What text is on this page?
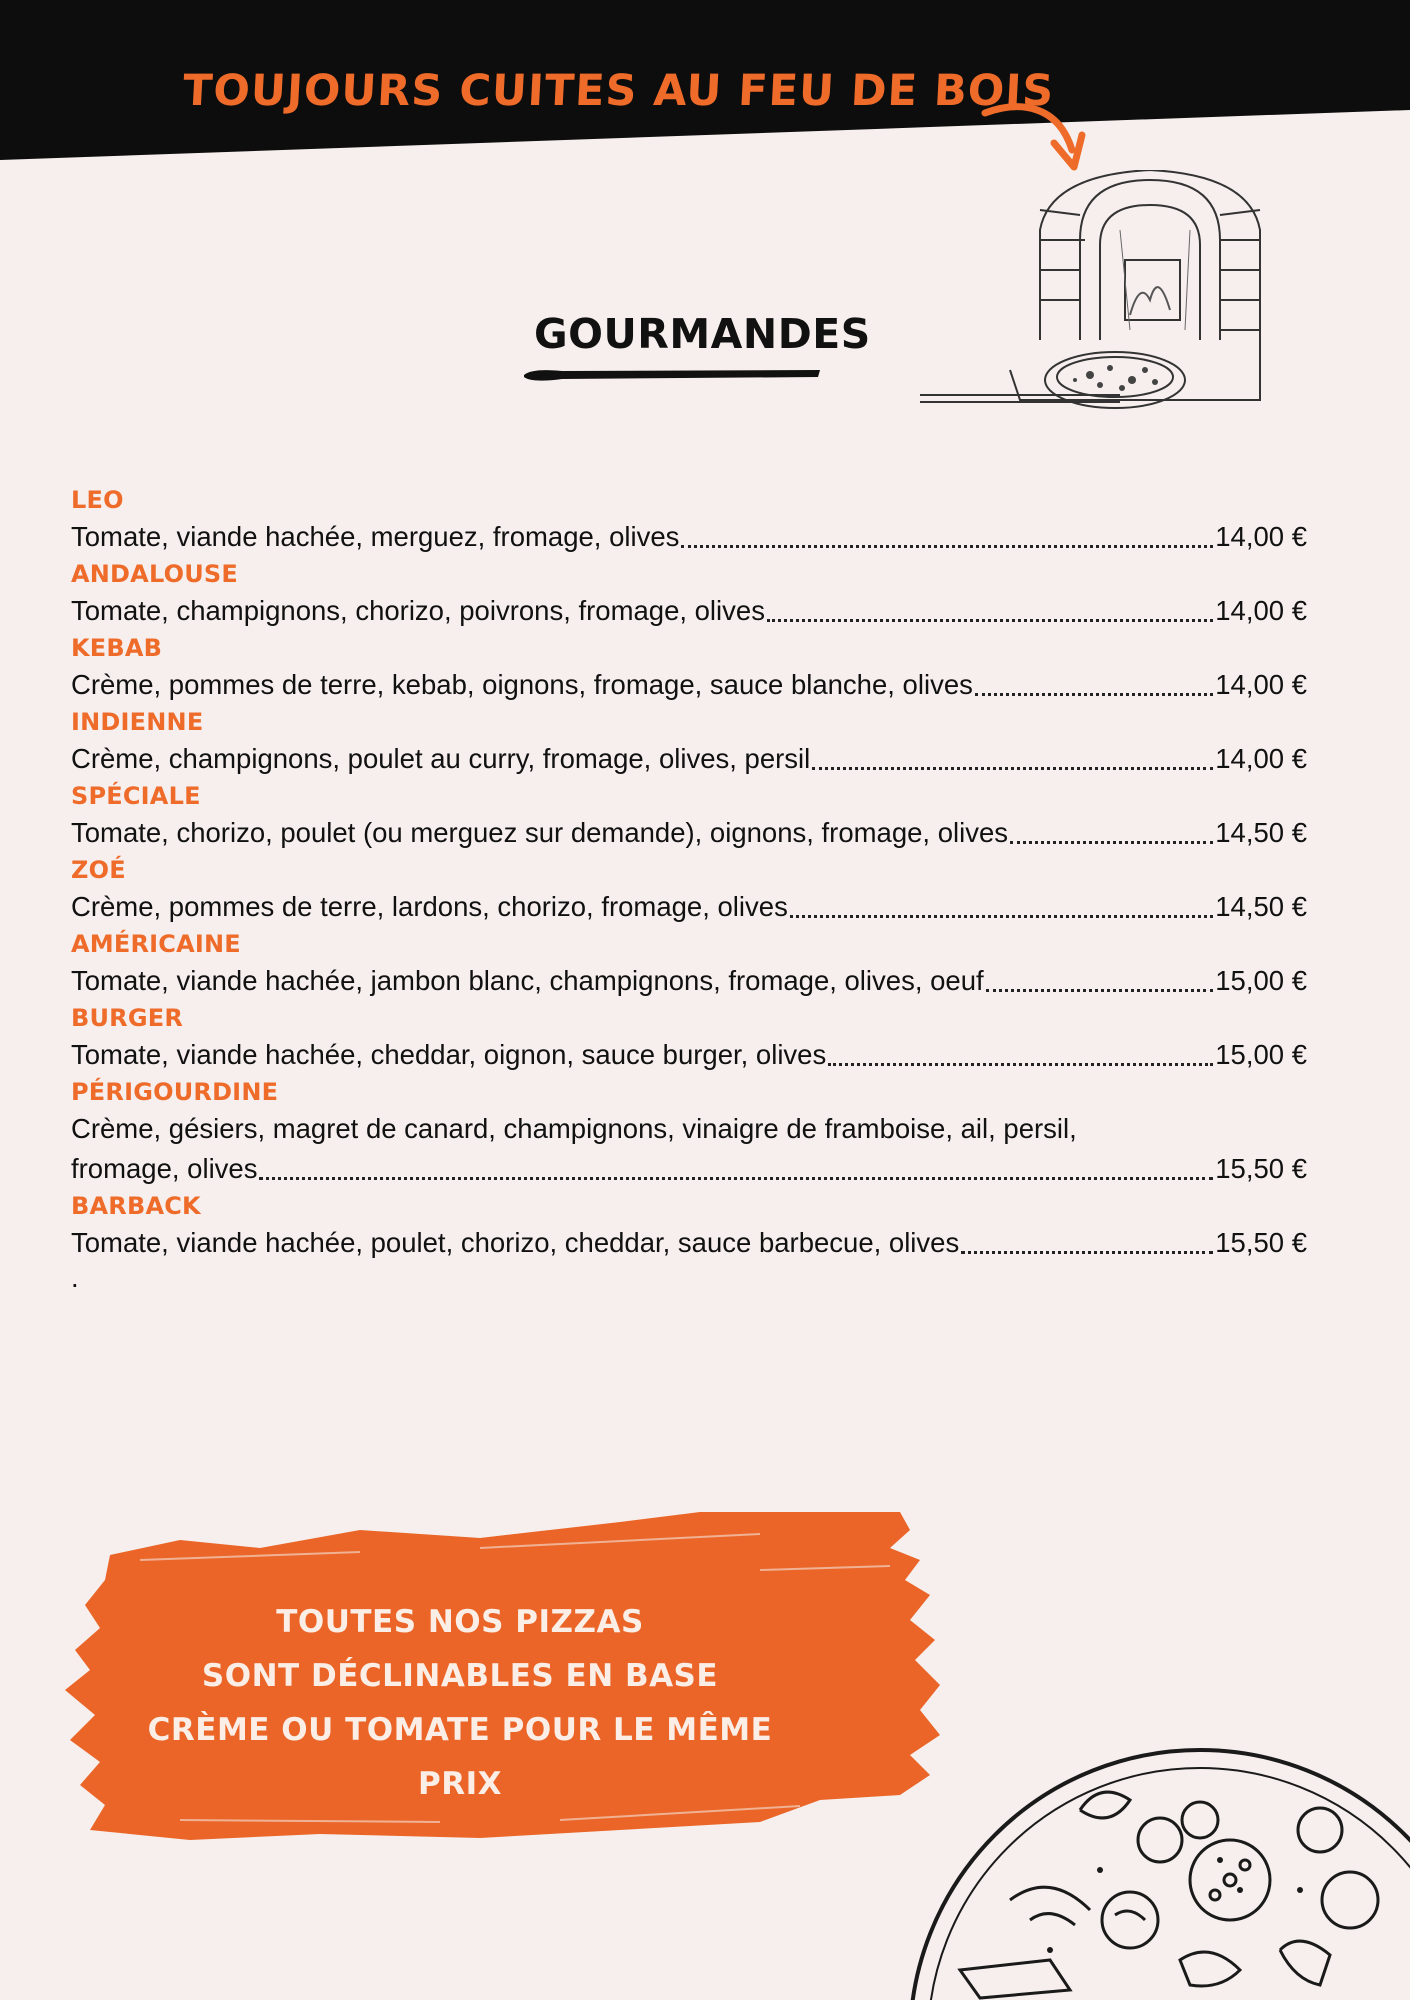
TOUJOURS CUITES AU FEU DE BOIS
GOURMANDES
LEO
Tomate, viande hachée, merguez, fromage, olives	14,00 €
ANDALOUSE
Tomate, champignons, chorizo, poivrons, fromage, olives	14,00 €
KEBAB
Crème, pommes de terre, kebab, oignons, fromage, sauce blanche, olives	14,00 €
INDIENNE
Crème, champignons, poulet au curry, fromage, olives, persil	14,00 €
SPÉCIALE
Tomate, chorizo, poulet (ou merguez sur demande), oignons, fromage, olives	14,50 €
ZOÉ
Crème, pommes de terre, lardons, chorizo, fromage, olives	14,50 €
AMÉRICAINE
Tomate, viande hachée, jambon blanc, champignons, fromage, olives, oeuf	15,00 €
BURGER
Tomate, viande hachée, cheddar, oignon, sauce burger, olives	15,00 €
PÉRIGOURDINE
Crème, gésiers, magret de canard, champignons, vinaigre de framboise, ail, persil,
fromage, olives	15,50 €
BARBACK
Tomate, viande hachée, poulet, chorizo, cheddar, sauce barbecue, olives	15,50 €
.
TOUTES NOS PIZZAS
SONT DÉCLINABLES EN BASE
CRÈME OU TOMATE POUR LE MÊME PRIX
